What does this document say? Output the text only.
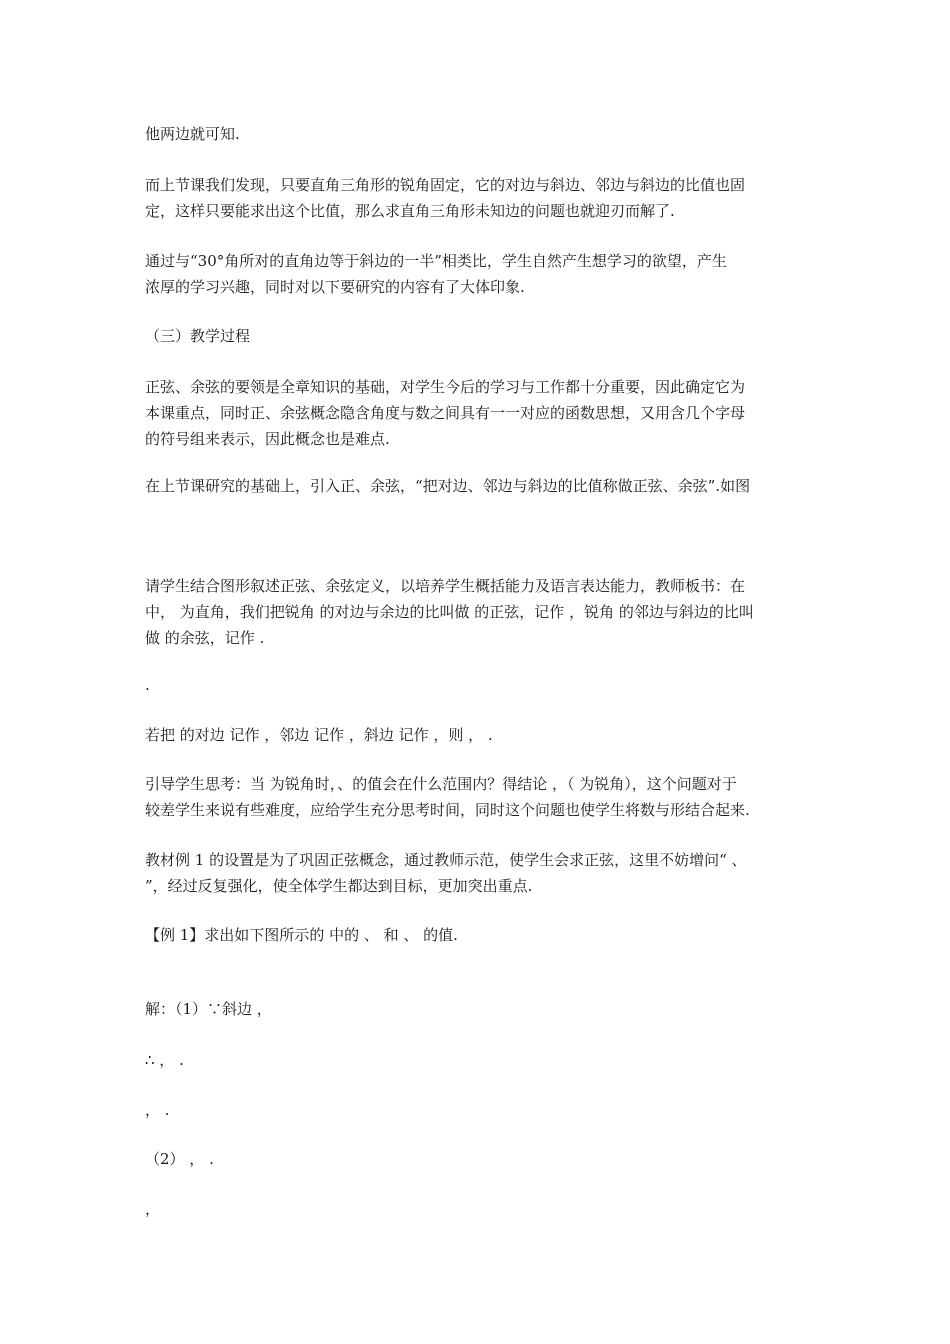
他两边就可知.
而上节课我们发现，只要直角三角形的锐角固定，它的对边与斜边、邻边与斜边的比值也固
定，这样只要能求出这个比值，那么求直角三角形未知边的问题也就迎刃而解了.
通过与“30°角所对的直角边等于斜边的一半”相类比，学生自然产生想学习的欲望，产生
浓厚的学习兴趣，同时对以下要研究的内容有了大体印象.
（三）教学过程
正弦、余弦的要领是全章知识的基础，对学生今后的学习与工作都十分重要，因此确定它为
本课重点，同时正、余弦概念隐含角度与数之间具有一一对应的函数思想，又用含几个字母
的符号组来表示，因此概念也是难点.
在上节课研究的基础上，引入正、余弦，“把对边、邻边与斜边的比值称做正弦、余弦”.如图
请学生结合图形叙述正弦、余弦定义，以培养学生概括能力及语言表达能力，教师板书：在
中， 为直角，我们把锐角 的对边与余边的比叫做 的正弦，记作 ，锐角 的邻边与斜边的比叫
做 的余弦，记作 .
.
若把 的对边 记作 ，邻边 记作 ，斜边 记作 ，则 ， .
引导学生思考：当 为锐角时，、的值会在什么范围内？得结论 ，（ 为锐角），这个问题对于
较差学生来说有些难度，应给学生充分思考时间，同时这个问题也使学生将数与形结合起来.
教材例 1 的设置是为了巩固正弦概念，通过教师示范，使学生会求正弦，这里不妨增问“ 、
”，经过反复强化，使全体学生都达到目标，更加突出重点.
【例 1】求出如下图所示的 中的 、 和 、 的值.
解：（1）∵斜边 ，
∴ ， .
， .
（2） ， .
，
